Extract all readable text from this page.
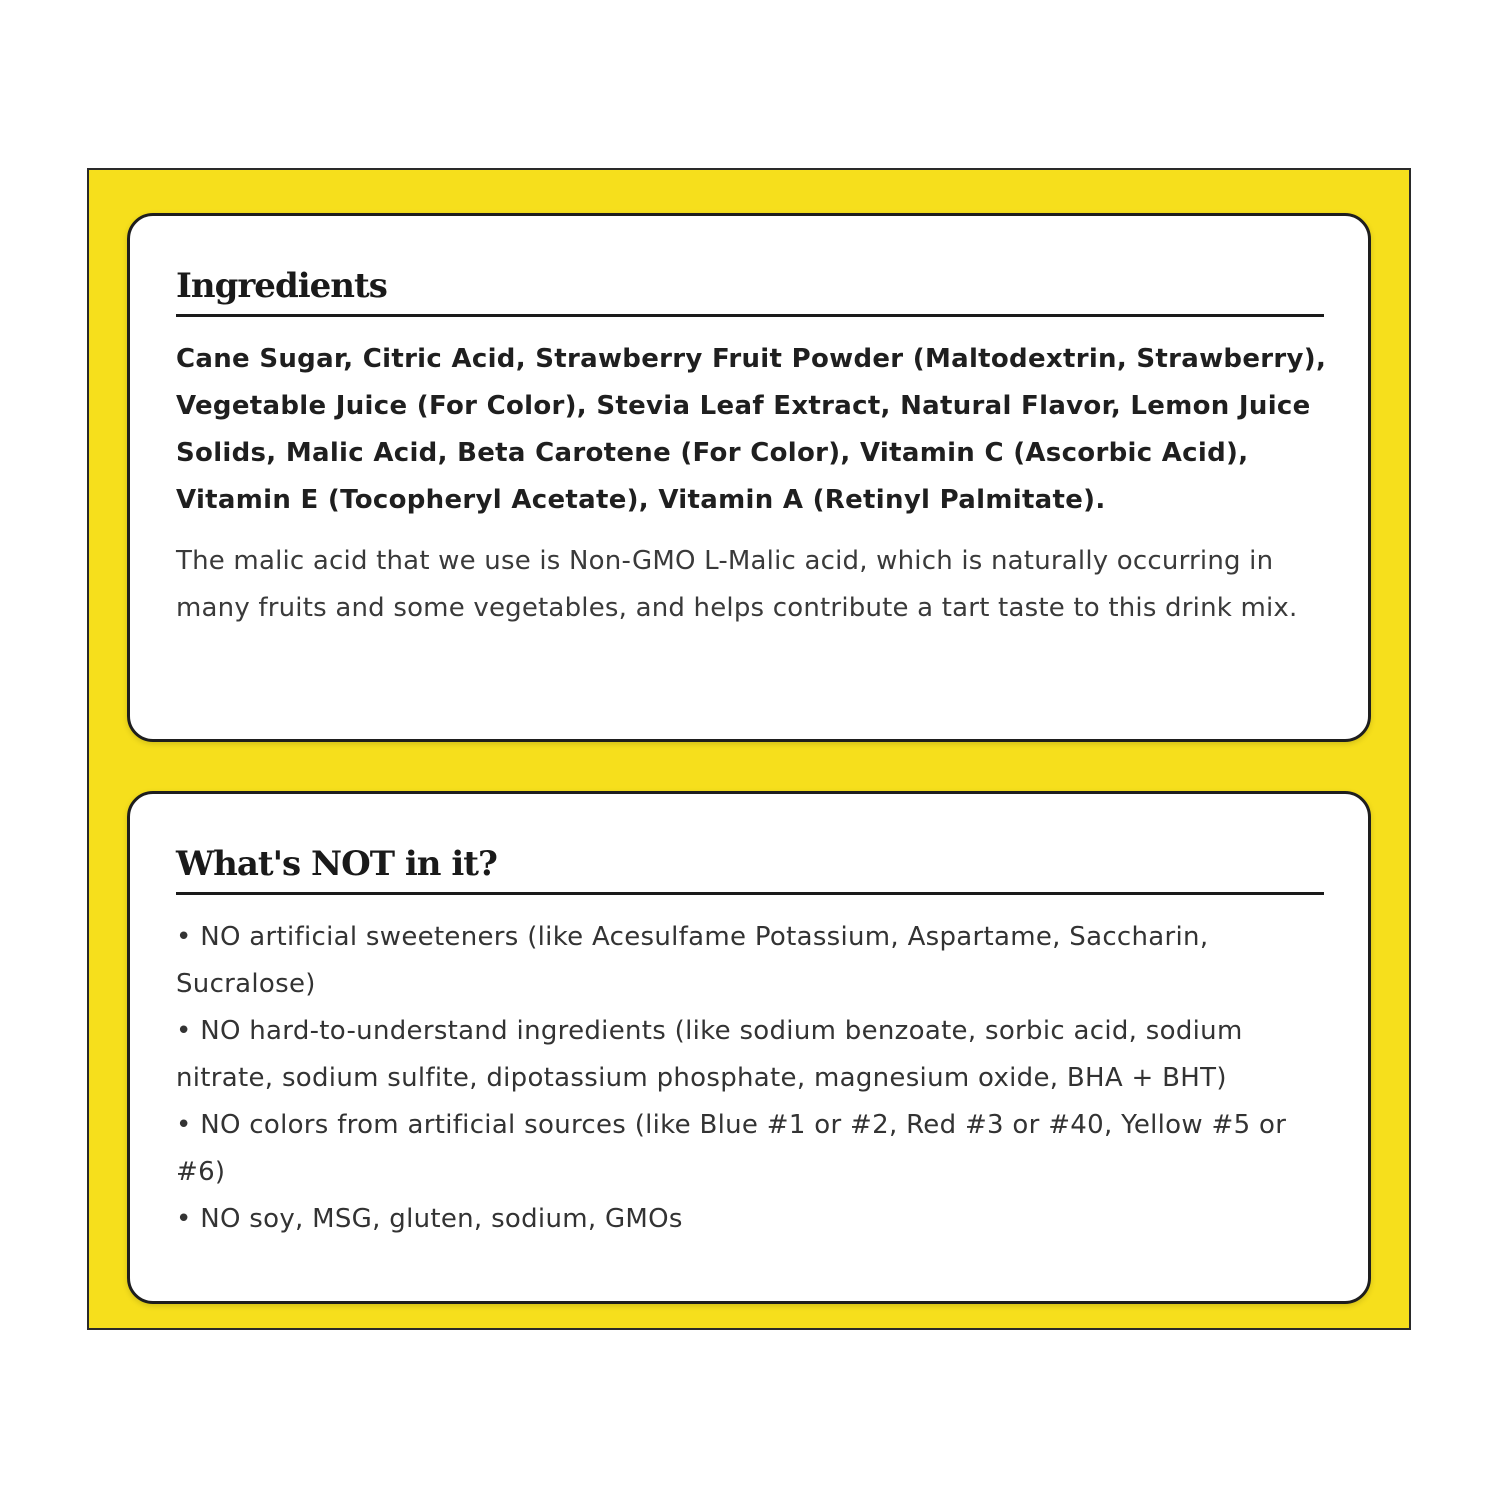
Ingredients

Cane Sugar, Citric Acid, Strawberry Fruit Powder (Maltodextrin, Strawberry), Vegetable Juice (For Color), Stevia Leaf Extract, Natural Flavor, Lemon Juice Solids, Malic Acid, Beta Carotene (For Color), Vitamin C (Ascorbic Acid), Vitamin E (Tocopheryl Acetate), Vitamin A (Retinyl Palmitate).

The malic acid that we use is Non-GMO L-Malic acid, which is naturally occurring in many fruits and some vegetables, and helps contribute a tart taste to this drink mix.

What's NOT in it?
• NO artificial sweeteners (like Acesulfame Potassium, Aspartame, Saccharin, Sucralose)
• NO hard-to-understand ingredients (like sodium benzoate, sorbic acid, sodium nitrate, sodium sulfite, dipotassium phosphate, magnesium oxide, BHA + BHT)
• NO colors from artificial sources (like Blue #1 or #2, Red #3 or #40, Yellow #5 or #6)
• NO soy, MSG, gluten, sodium, GMOs
